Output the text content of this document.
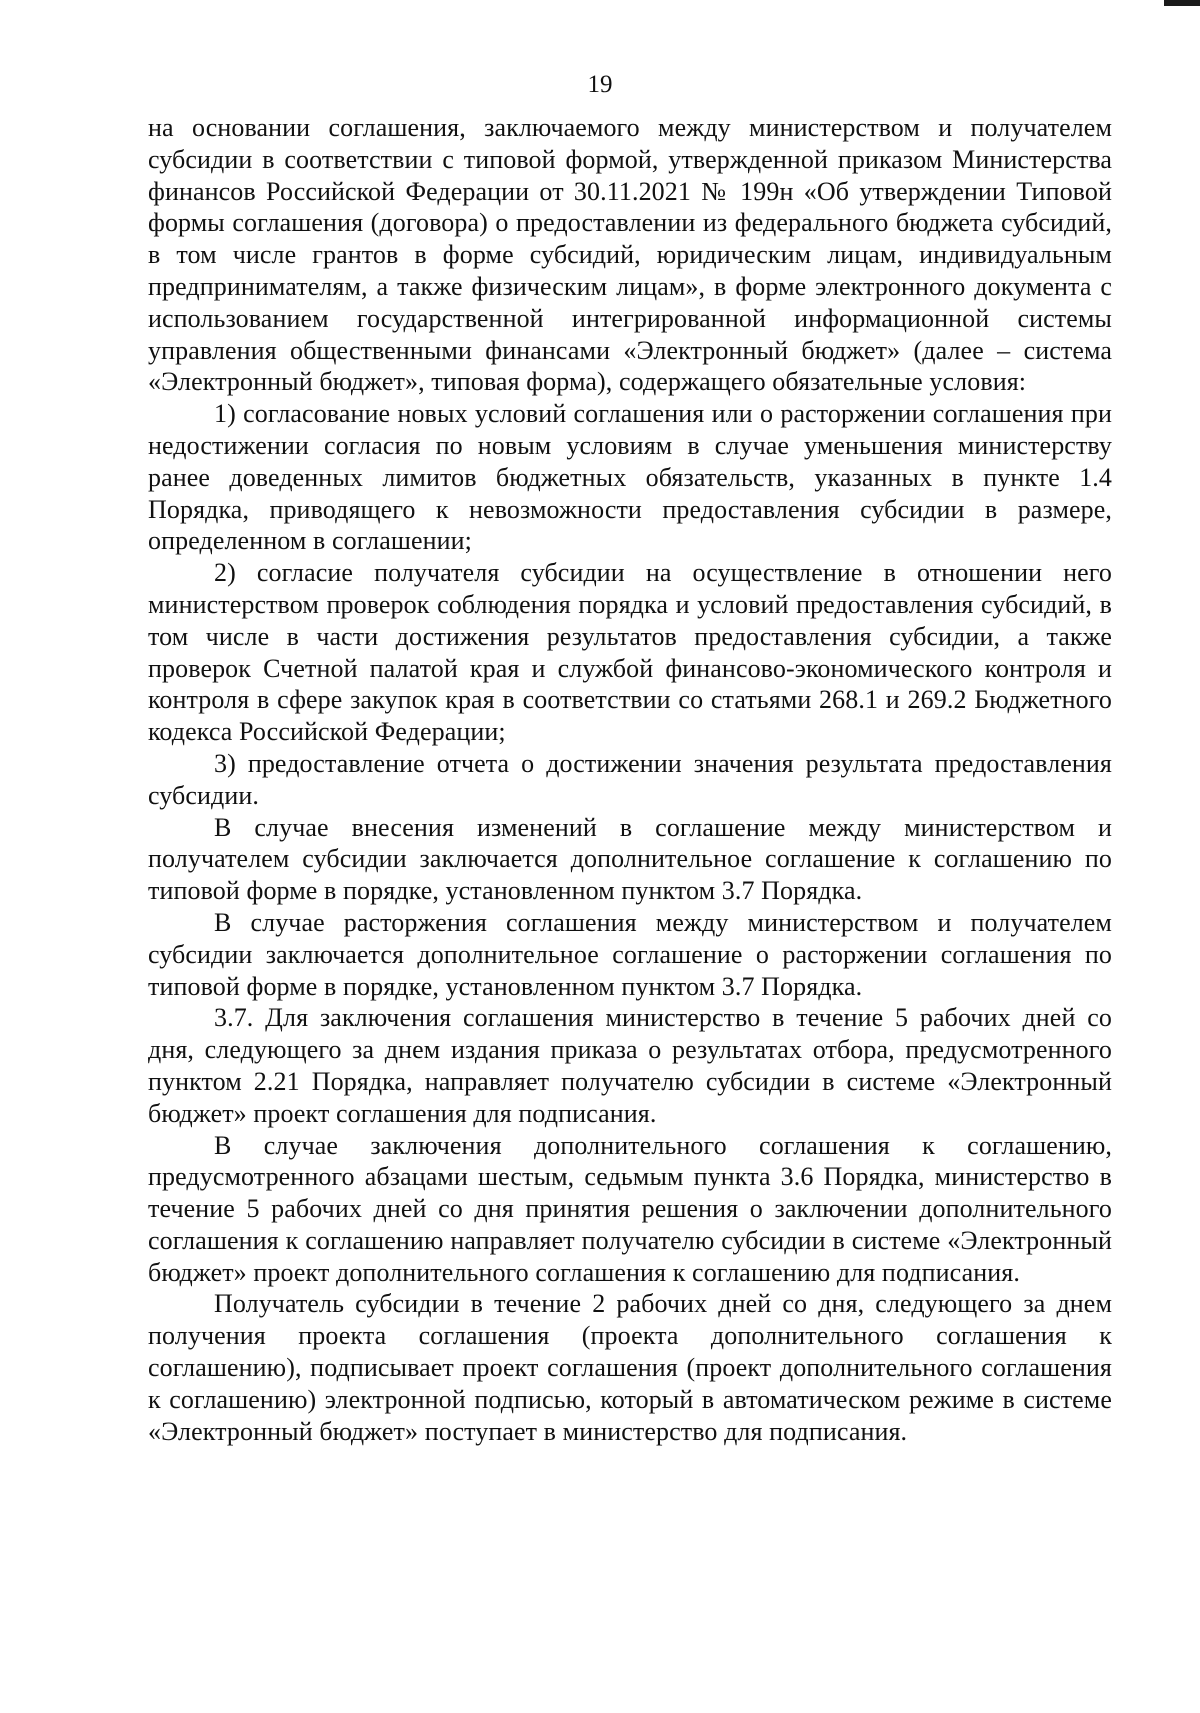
19

на основании соглашения, заключаемого между министерством и получателем субсидии в соответствии с типовой формой, утвержденной приказом Министерства финансов Российской Федерации от 30.11.2021 № 199н «Об утверждении Типовой формы соглашения (договора) о предоставлении из федерального бюджета субсидий, в том числе грантов в форме субсидий, юридическим лицам, индивидуальным предпринимателям, а также физическим лицам», в форме электронного документа с использованием государственной интегрированной информационной системы управления общественными финансами «Электронный бюджет» (далее – система «Электронный бюджет», типовая форма), содержащего обязательные условия:

1) согласование новых условий соглашения или о расторжении соглашения при недостижении согласия по новым условиям в случае уменьшения министерству ранее доведенных лимитов бюджетных обязательств, указанных в пункте 1.4 Порядка, приводящего к невозможности предоставления субсидии в размере, определенном в соглашении;

2) согласие получателя субсидии на осуществление в отношении него министерством проверок соблюдения порядка и условий предоставления субсидий, в том числе в части достижения результатов предоставления субсидии, а также проверок Счетной палатой края и службой финансово-экономического контроля и контроля в сфере закупок края в соответствии со статьями 268.1 и 269.2 Бюджетного кодекса Российской Федерации;

3) предоставление отчета о достижении значения результата предоставления субсидии.

В случае внесения изменений в соглашение между министерством и получателем субсидии заключается дополнительное соглашение к соглашению по типовой форме в порядке, установленном пунктом 3.7 Порядка.

В случае расторжения соглашения между министерством и получателем субсидии заключается дополнительное соглашение о расторжении соглашения по типовой форме в порядке, установленном пунктом 3.7 Порядка.

3.7. Для заключения соглашения министерство в течение 5 рабочих дней со дня, следующего за днем издания приказа о результатах отбора, предусмотренного пунктом 2.21 Порядка, направляет получателю субсидии в системе «Электронный бюджет» проект соглашения для подписания.

В случае заключения дополнительного соглашения к соглашению, предусмотренного абзацами шестым, седьмым пункта 3.6 Порядка, министерство в течение 5 рабочих дней со дня принятия решения о заключении дополнительного соглашения к соглашению направляет получателю субсидии в системе «Электронный бюджет» проект дополнительного соглашения к соглашению для подписания.

Получатель субсидии в течение 2 рабочих дней со дня, следующего за днем получения проекта соглашения (проекта дополнительного соглашения к соглашению), подписывает проект соглашения (проект дополнительного соглашения к соглашению) электронной подписью, который в автоматическом режиме в системе «Электронный бюджет» поступает в министерство для подписания.
